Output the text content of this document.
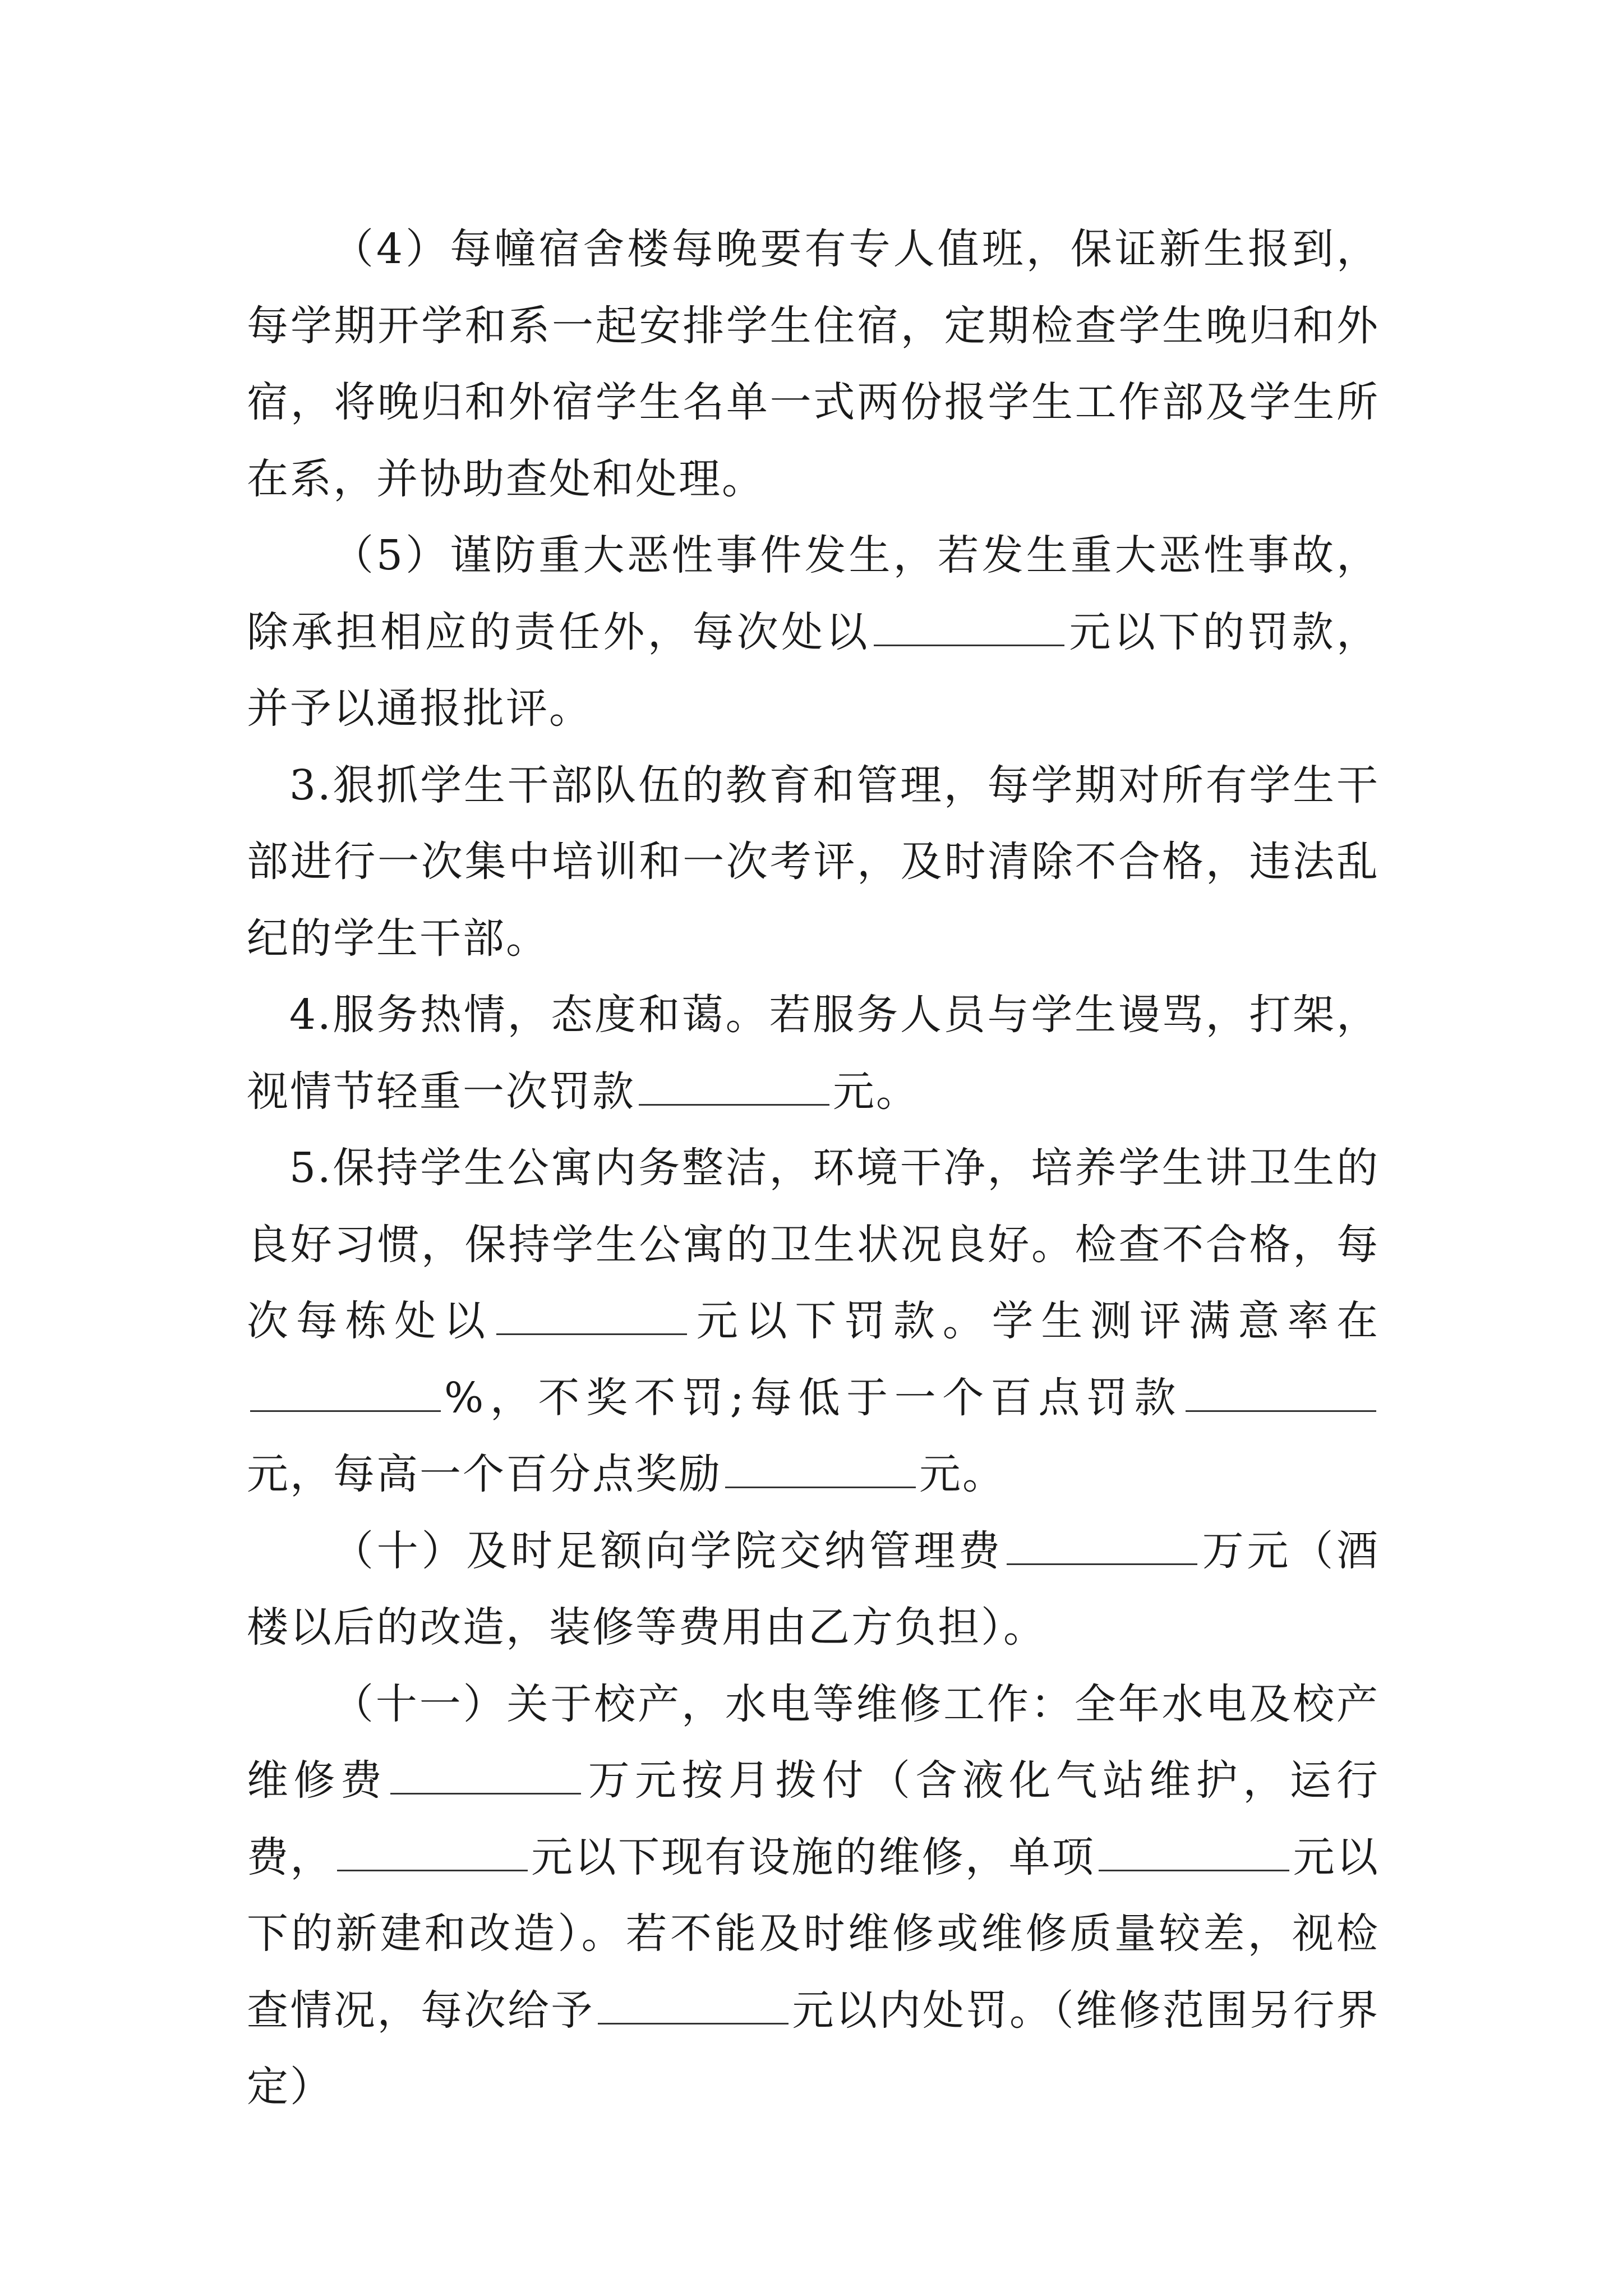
（4）每幢宿舍楼每晚要有专人值班，保证新生报到，每学期开学和系一起安排学生住宿，定期检查学生晚归和外宿，将晚归和外宿学生名单一式两份报学生工作部及学生所在系，并协助查处和处理。

（5）谨防重大恶性事件发生，若发生重大恶性事故，除承担相应的责任外，每次处以	元以下的罚款，并予以通报批评。

3.狠抓学生干部队伍的教育和管理，每学期对所有学生干部进行一次集中培训和一次考评，及时清除不合格，违法乱纪的学生干部。

4.服务热情，态度和蔼。若服务人员与学生谩骂，打架，视情节轻重一次罚款	元。

5.保持学生公寓内务整洁，环境干净，培养学生讲卫生的良好习惯，保持学生公寓的卫生状况良好。检查不合格，每次每栋处以	元以下罚款。学生测评满意率在%，不奖不罚;每低于一个百点罚款元，每高一个百分点奖励	元。

（十）及时足额向学院交纳管理费	万元（酒楼以后的改造，装修等费用由乙方负担）。

（十一）关于校产，水电等维修工作：全年水电及校产维修费	万元按月拨付（含液化气站维护，运行费，	元以下现有设施的维修，单项	元以下的新建和改造）。若不能及时维修或维修质量较差，视检查情况，每次给予	元以内处罚。（维修范围另行界定）
